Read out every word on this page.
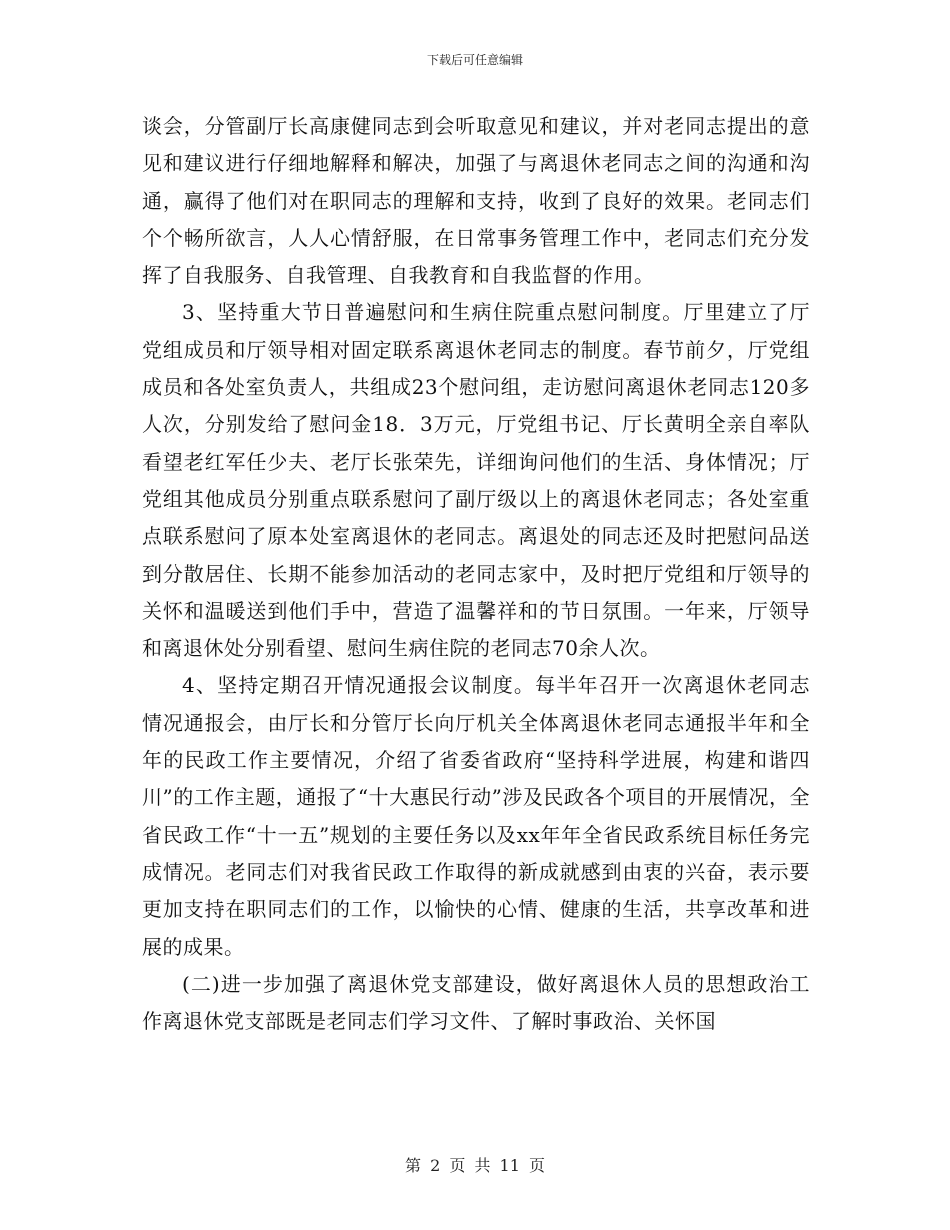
下载后可任意编辑

谈会，分管副厅长高康健同志到会听取意见和建议，并对老同志提出的意见和建议进行仔细地解释和解决，加强了与离退休老同志之间的沟通和沟通，赢得了他们对在职同志的理解和支持，收到了良好的效果。老同志们个个畅所欲言，人人心情舒服，在日常事务管理工作中，老同志们充分发挥了自我服务、自我管理、自我教育和自我监督的作用。

3、坚持重大节日普遍慰问和生病住院重点慰问制度。厅里建立了厅党组成员和厅领导相对固定联系离退休老同志的制度。春节前夕，厅党组成员和各处室负责人，共组成23个慰问组，走访慰问离退休老同志120多人次，分别发给了慰问金18．3万元，厅党组书记、厅长黄明全亲自率队看望老红军任少夫、老厅长张荣先，详细询问他们的生活、身体情况；厅党组其他成员分别重点联系慰问了副厅级以上的离退休老同志；各处室重点联系慰问了原本处室离退休的老同志。离退处的同志还及时把慰问品送到分散居住、长期不能参加活动的老同志家中，及时把厅党组和厅领导的关怀和温暖送到他们手中，营造了温馨祥和的节日氛围。一年来，厅领导和离退休处分别看望、慰问生病住院的老同志70余人次。

4、坚持定期召开情况通报会议制度。每半年召开一次离退休老同志情况通报会，由厅长和分管厅长向厅机关全体离退休老同志通报半年和全年的民政工作主要情况，介绍了省委省政府“坚持科学进展，构建和谐四川”的工作主题，通报了“十大惠民行动”涉及民政各个项目的开展情况，全省民政工作“十一五”规划的主要任务以及xx年年全省民政系统目标任务完成情况。老同志们对我省民政工作取得的新成就感到由衷的兴奋，表示要更加支持在职同志们的工作，以愉快的心情、健康的生活，共享改革和进展的成果。

(二)进一步加强了离退休党支部建设，做好离退休人员的思想政治工作离退休党支部既是老同志们学习文件、了解时事政治、关怀国

第 2 页 共 11 页
